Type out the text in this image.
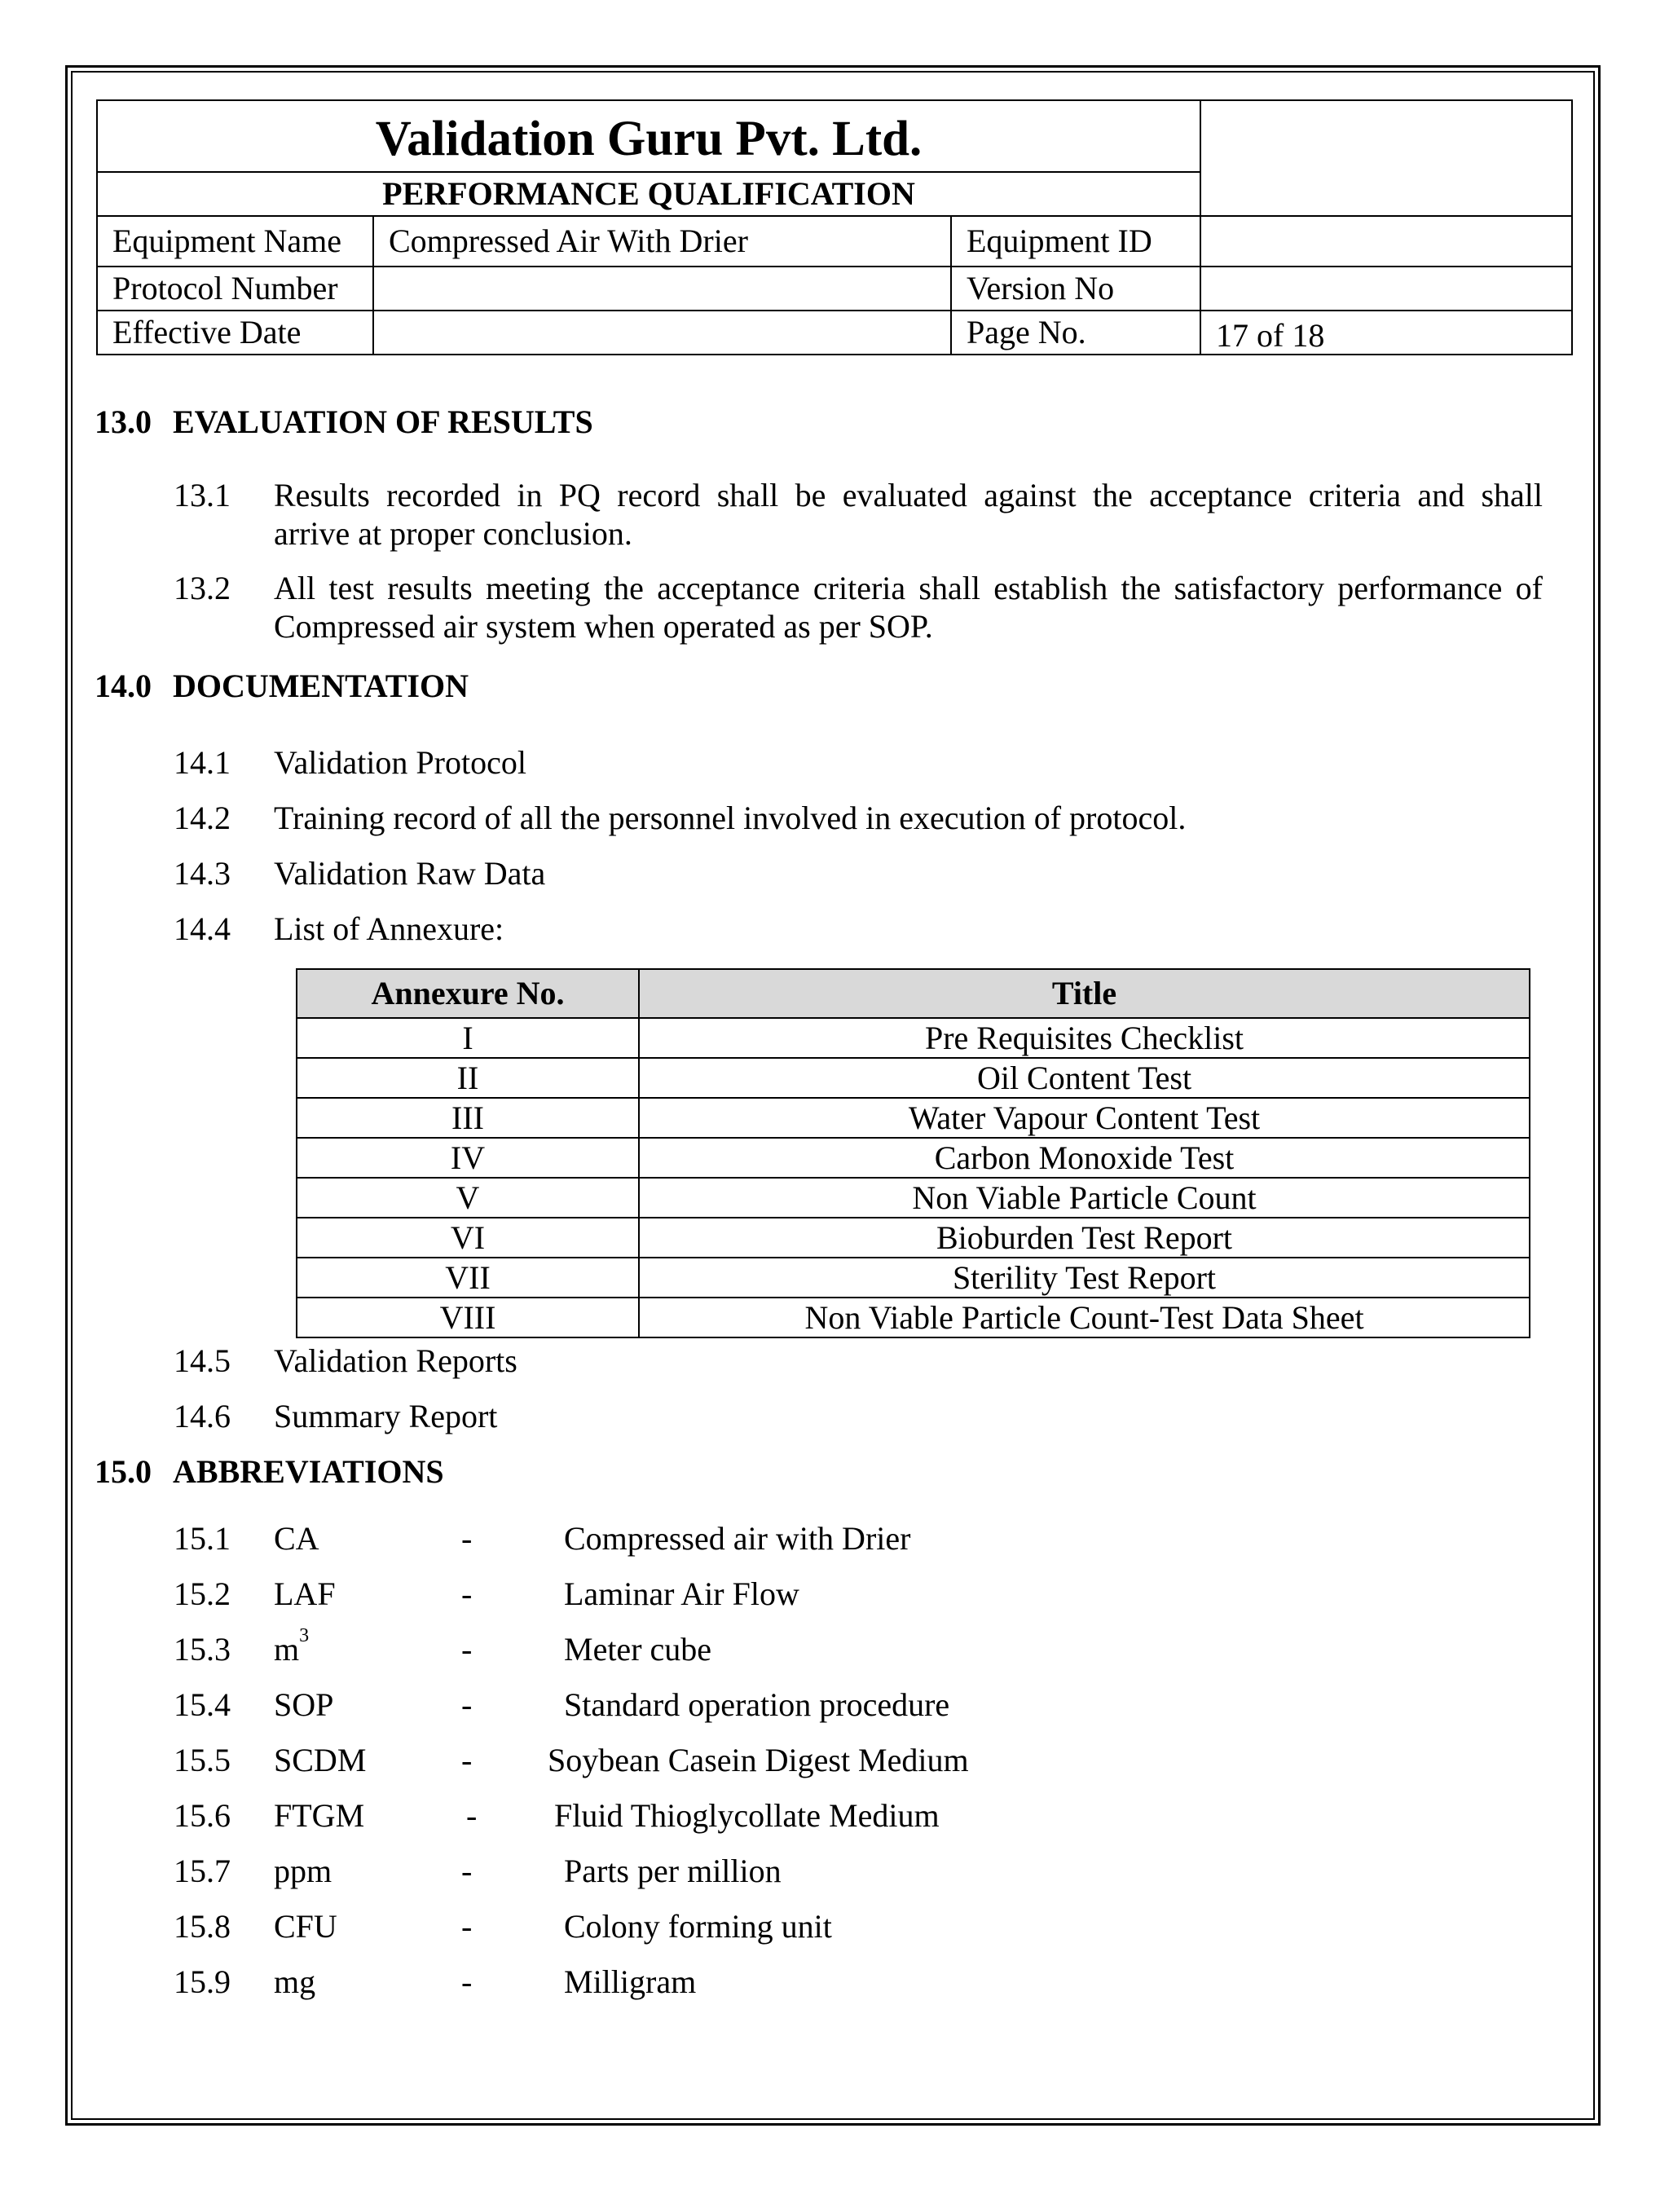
Validation Guru Pvt. Ltd.			
PERFORMANCE QUALIFICATION			
Equipment Name	Compressed Air With Drier	Equipment ID	
Protocol Number		Version No	
Effective Date		Page No.	17 of 18
13.0 EVALUATION OF RESULTS
13.1 Results recorded in PQ record shall be evaluated against the acceptance criteria and shall
arrive at proper conclusion.
13.2 All test results meeting the acceptance criteria shall establish the satisfactory performance of
Compressed air system when operated as per SOP.
14.0 DOCUMENTATION
14.1 Validation Protocol
14.2 Training record of all the personnel involved in execution of protocol.
14.3 Validation Raw Data
14.4 List of Annexure:
Annexure No.	Title
I	Pre Requisites Checklist
II	Oil Content Test
III	Water Vapour Content Test
IV	Carbon Monoxide Test
V	Non Viable Particle Count
VI	Bioburden Test Report
VII	Sterility Test Report
VIII	Non Viable Particle Count-Test Data Sheet
14.5 Validation Reports
14.6 Summary Report
15.0 ABBREVIATIONS
15.1 CA	-	Compressed air with Drier
15.2 LAF	-	Laminar Air Flow
15.3 $m^3$	-	Meter cube
15.4 SOP	-	Standard operation procedure
15.5 SCDM	- Soybean Casein Digest Medium
15.6 FTGM	- Fluid Thioglycollate Medium
15.7 ppm	-	Parts per million
15.8 CFU	-	Colony forming unit
15.9 mg	-	Milligram
